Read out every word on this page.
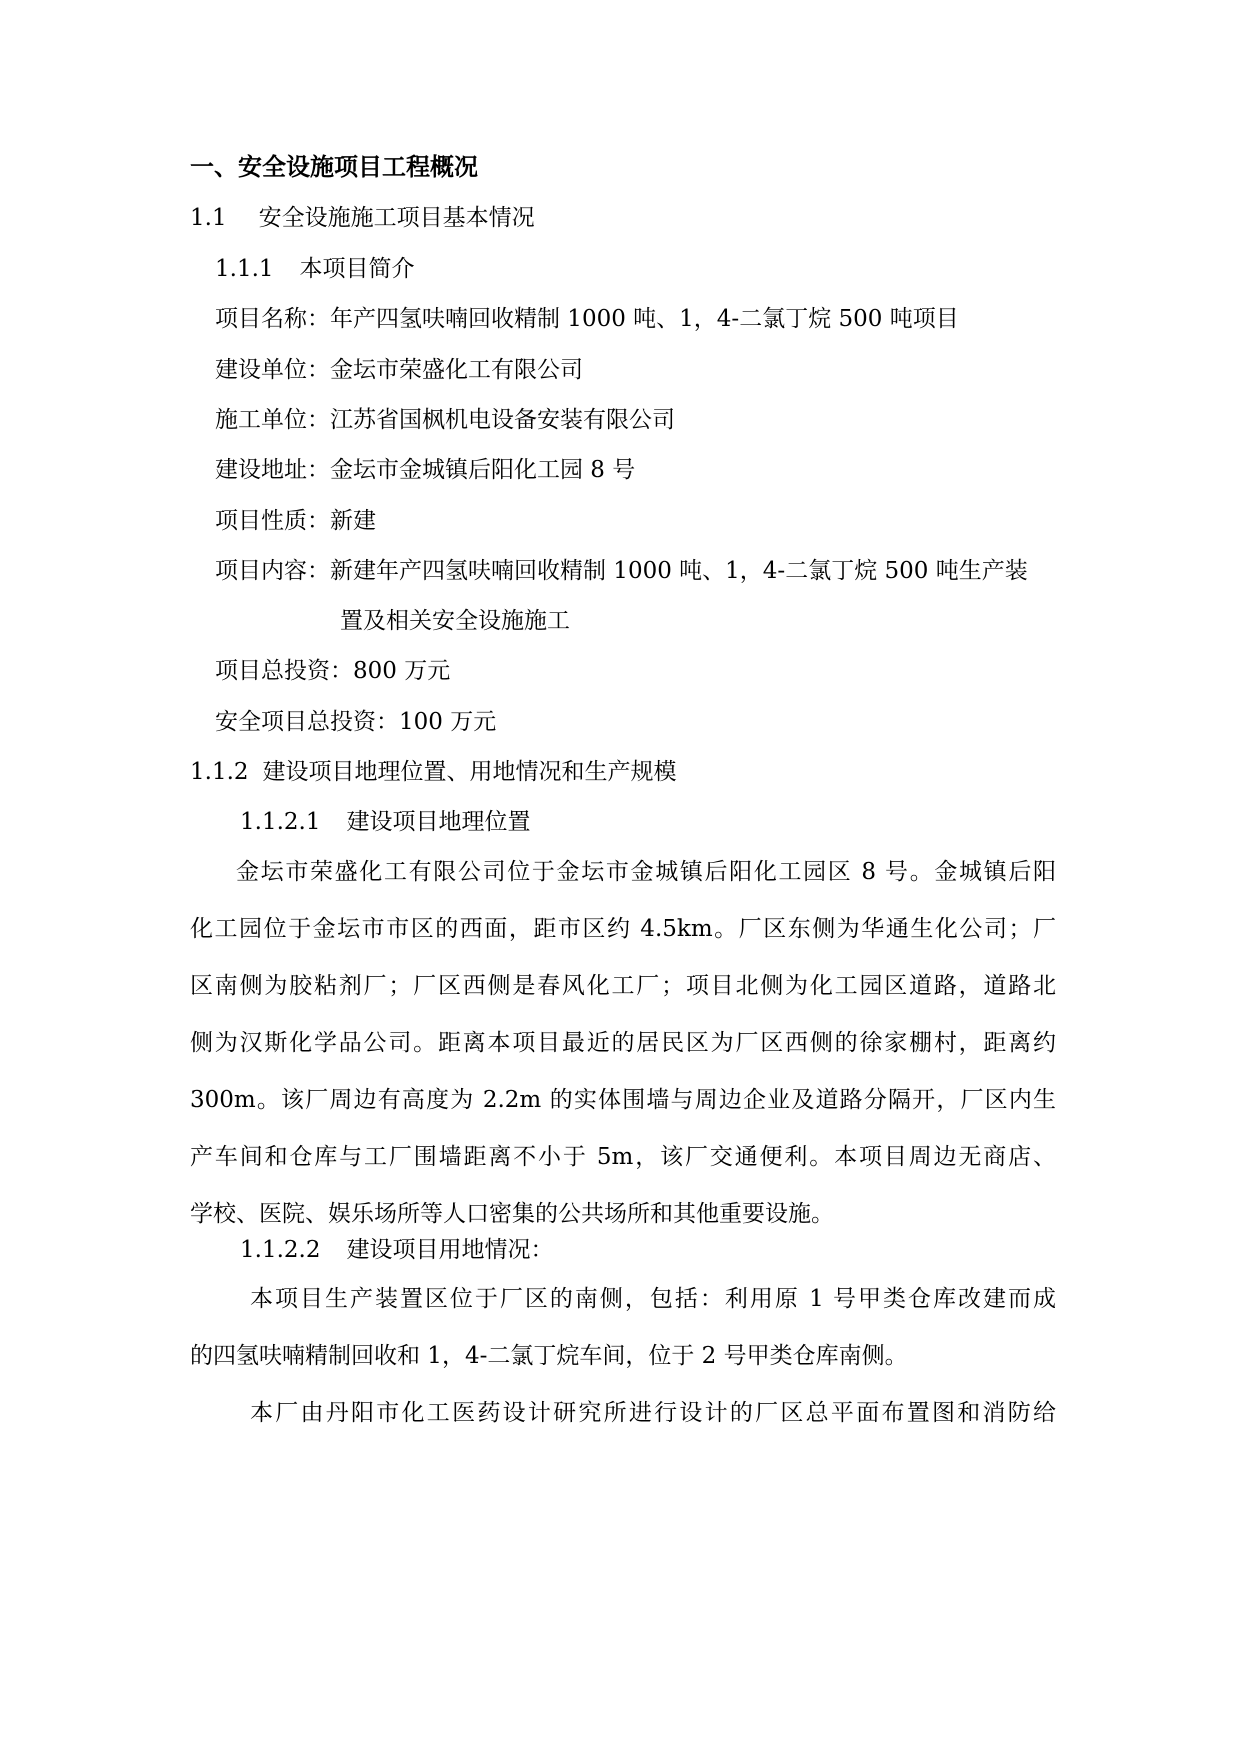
一、安全设施项目工程概况
1.1 安全设施施工项目基本情况
1.1.1 本项目简介
项目名称：年产四氢呋喃回收精制 1000 吨、1，4-二氯丁烷 500 吨项目
建设单位：金坛市荣盛化工有限公司
施工单位：江苏省国枫机电设备安装有限公司
建设地址：金坛市金城镇后阳化工园 8 号
项目性质：新建
项目内容：新建年产四氢呋喃回收精制 1000 吨、1，4-二氯丁烷 500 吨生产装
置及相关安全设施施工
项目总投资：800 万元
安全项目总投资：100 万元
1.1.2 建设项目地理位置、用地情况和生产规模
1.1.2.1 建设项目地理位置
金坛市荣盛化工有限公司位于金坛市金城镇后阳化工园区 8 号。金城镇后阳
化工园位于金坛市市区的西面，距市区约 4.5km。厂区东侧为华通生化公司；厂
区南侧为胶粘剂厂；厂区西侧是春风化工厂；项目北侧为化工园区道路，道路北
侧为汉斯化学品公司。距离本项目最近的居民区为厂区西侧的徐家棚村，距离约
300m。该厂周边有高度为 2.2m 的实体围墙与周边企业及道路分隔开，厂区内生
产车间和仓库与工厂围墙距离不小于 5m，该厂交通便利。本项目周边无商店、
学校、医院、娱乐场所等人口密集的公共场所和其他重要设施。
1.1.2.2 建设项目用地情况：
本项目生产装置区位于厂区的南侧，包括：利用原 1 号甲类仓库改建而成
的四氢呋喃精制回收和 1，4-二氯丁烷车间，位于 2 号甲类仓库南侧。
本厂由丹阳市化工医药设计研究所进行设计的厂区总平面布置图和消防给
